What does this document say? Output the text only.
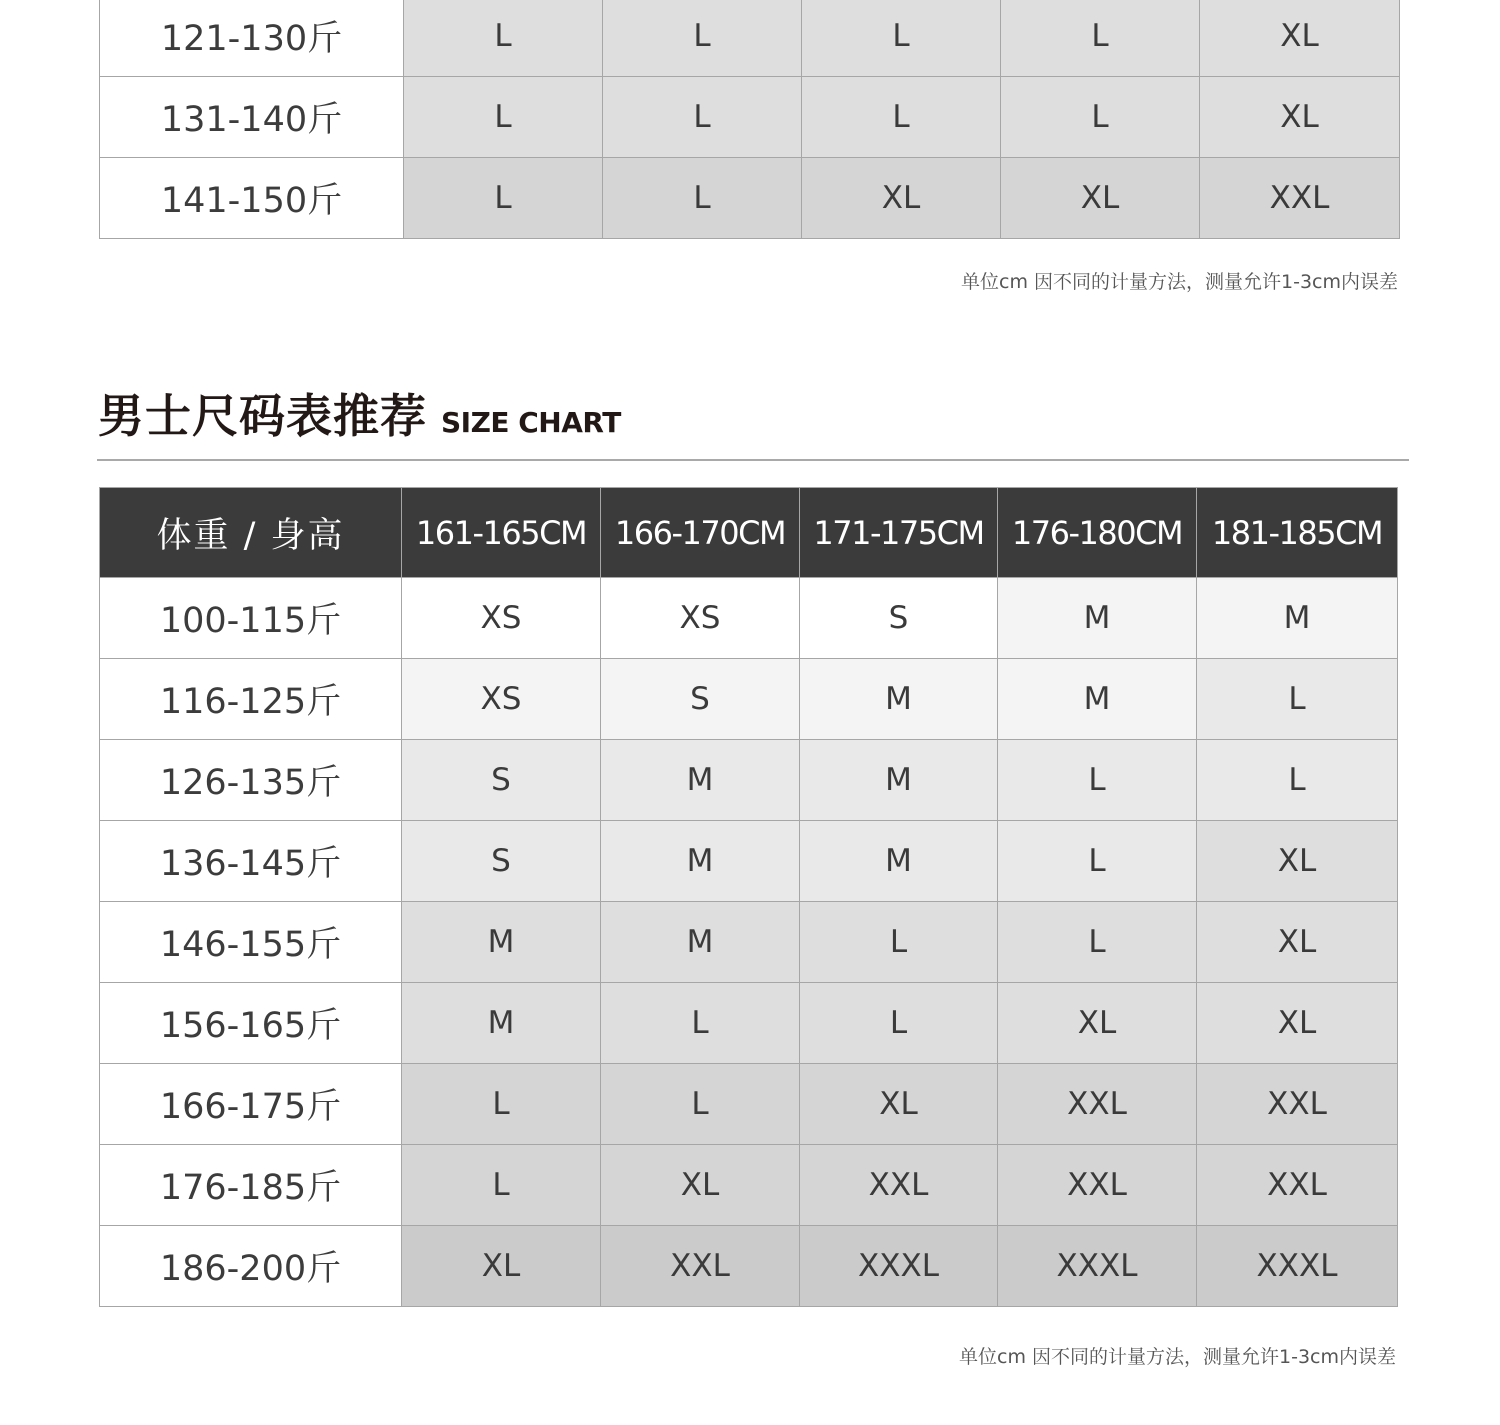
121-130斤	L	L	L	L	XL
131-140斤	L	L	L	L	XL
141-150斤	L	L	XL	XL	XXL
单位cm 因不同的计量方法，测量允许1-3cm内误差
男士尺码表推荐 SIZE CHART
体重 / 身高	161-165CM	166-170CM	171-175CM	176-180CM	181-185CM
100-115斤	XS	XS	S	M	M
116-125斤	XS	S	M	M	L
126-135斤	S	M	M	L	L
136-145斤	S	M	M	L	XL
146-155斤	M	M	L	L	XL
156-165斤	M	L	L	XL	XL
166-175斤	L	L	XL	XXL	XXL
176-185斤	L	XL	XXL	XXL	XXL
186-200斤	XL	XXL	XXXL	XXXL	XXXL
单位cm 因不同的计量方法，测量允许1-3cm内误差
